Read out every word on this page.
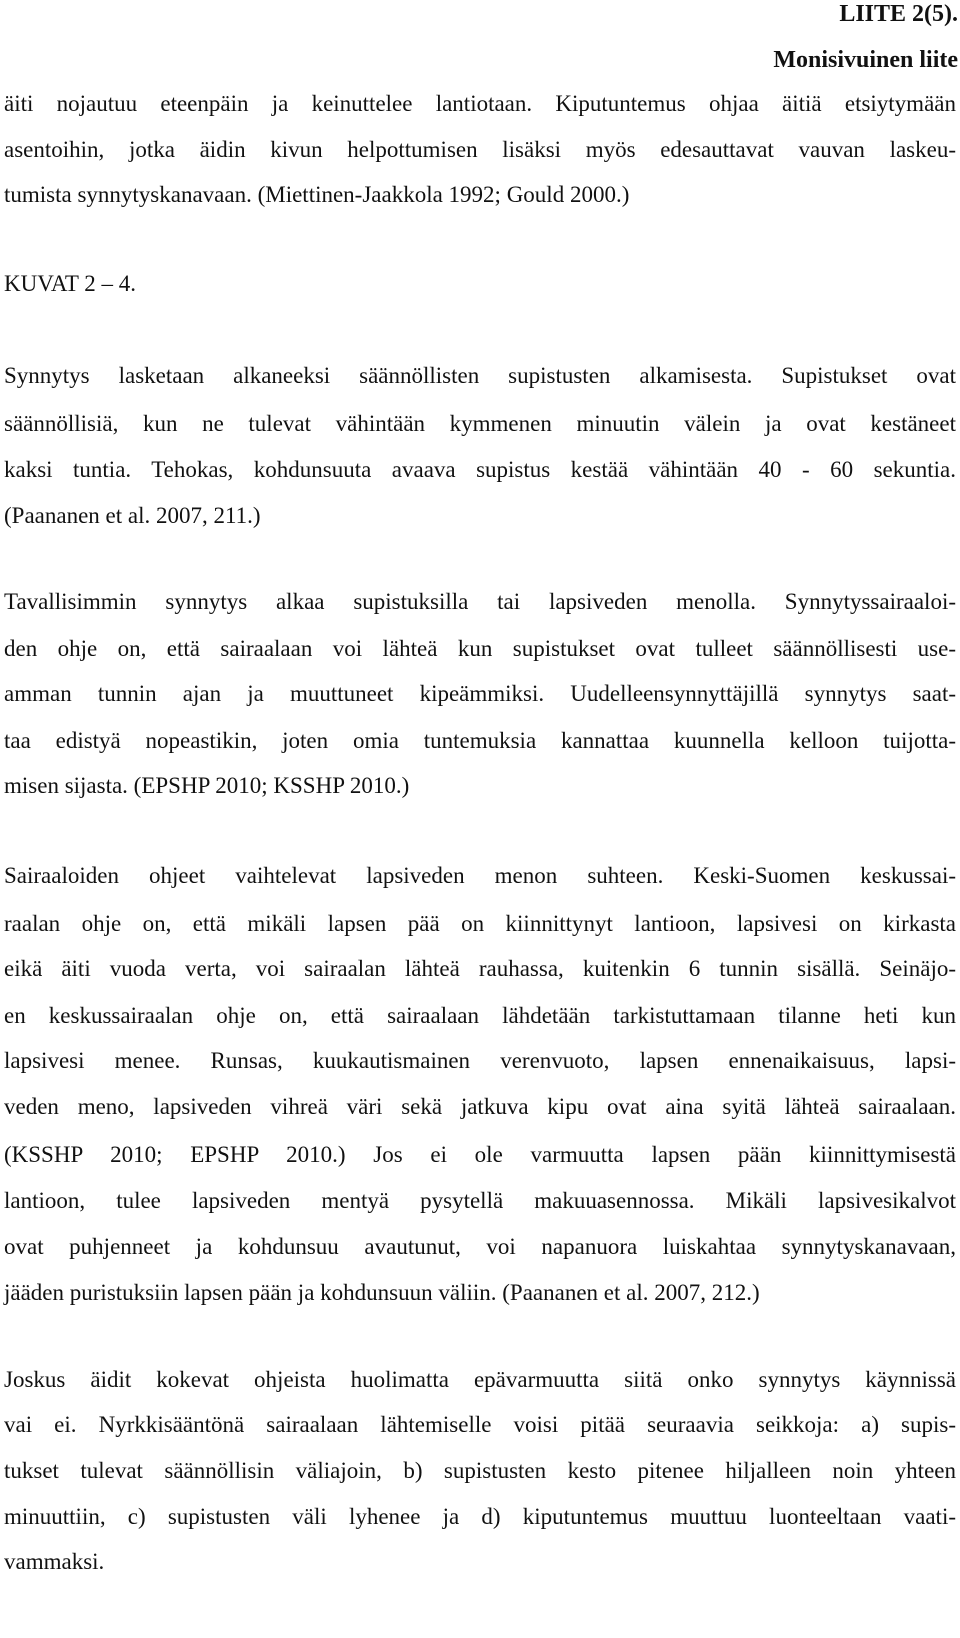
LIITE 2(5).
Monisivuinen liite
äiti nojautuu eteenpäin ja keinuttelee lantiotaan. Kiputuntemus ohjaa äitiä etsiytymään
asentoihin, jotka äidin kivun helpottumisen lisäksi myös edesauttavat vauvan laskeu-
tumista synnytyskanavaan. (Miettinen-Jaakkola 1992; Gould 2000.)
KUVAT 2 – 4.
Synnytys lasketaan alkaneeksi säännöllisten supistusten alkamisesta. Supistukset ovat
säännöllisiä, kun ne tulevat vähintään kymmenen minuutin välein ja ovat kestäneet
kaksi tuntia. Tehokas, kohdunsuuta avaava supistus kestää vähintään 40 - 60 sekuntia.
(Paananen et al. 2007, 211.)
Tavallisimmin synnytys alkaa supistuksilla tai lapsiveden menolla. Synnytyssairaaloi-
den ohje on, että sairaalaan voi lähteä kun supistukset ovat tulleet säännöllisesti use-
amman tunnin ajan ja muuttuneet kipeämmiksi. Uudelleensynnyttäjillä synnytys saat-
taa edistyä nopeastikin, joten omia tuntemuksia kannattaa kuunnella kelloon tuijotta-
misen sijasta. (EPSHP 2010; KSSHP 2010.)
Sairaaloiden ohjeet vaihtelevat lapsiveden menon suhteen. Keski-Suomen keskussai-
raalan ohje on, että mikäli lapsen pää on kiinnittynyt lantioon, lapsivesi on kirkasta
eikä äiti vuoda verta, voi sairaalan lähteä rauhassa, kuitenkin 6 tunnin sisällä. Seinäjo-
en keskussairaalan ohje on, että sairaalaan lähdetään tarkistuttamaan tilanne heti kun
lapsivesi menee. Runsas, kuukautismainen verenvuoto, lapsen ennenaikaisuus, lapsi-
veden meno, lapsiveden vihreä väri sekä jatkuva kipu ovat aina syitä lähteä sairaalaan.
(KSSHP 2010; EPSHP 2010.) Jos ei ole varmuutta lapsen pään kiinnittymisestä
lantioon, tulee lapsiveden mentyä pysytellä makuuasennossa. Mikäli lapsivesikalvot
ovat puhjenneet ja kohdunsuu avautunut, voi napanuora luiskahtaa synnytyskanavaan,
jääden puristuksiin lapsen pään ja kohdunsuun väliin. (Paananen et al. 2007, 212.)
Joskus äidit kokevat ohjeista huolimatta epävarmuutta siitä onko synnytys käynnissä
vai ei. Nyrkkisääntönä sairaalaan lähtemiselle voisi pitää seuraavia seikkoja: a) supis-
tukset tulevat säännöllisin väliajoin, b) supistusten kesto pitenee hiljalleen noin yhteen
minuuttiin, c) supistusten väli lyhenee ja d) kiputuntemus muuttuu luonteeltaan vaati-
vammaksi.
